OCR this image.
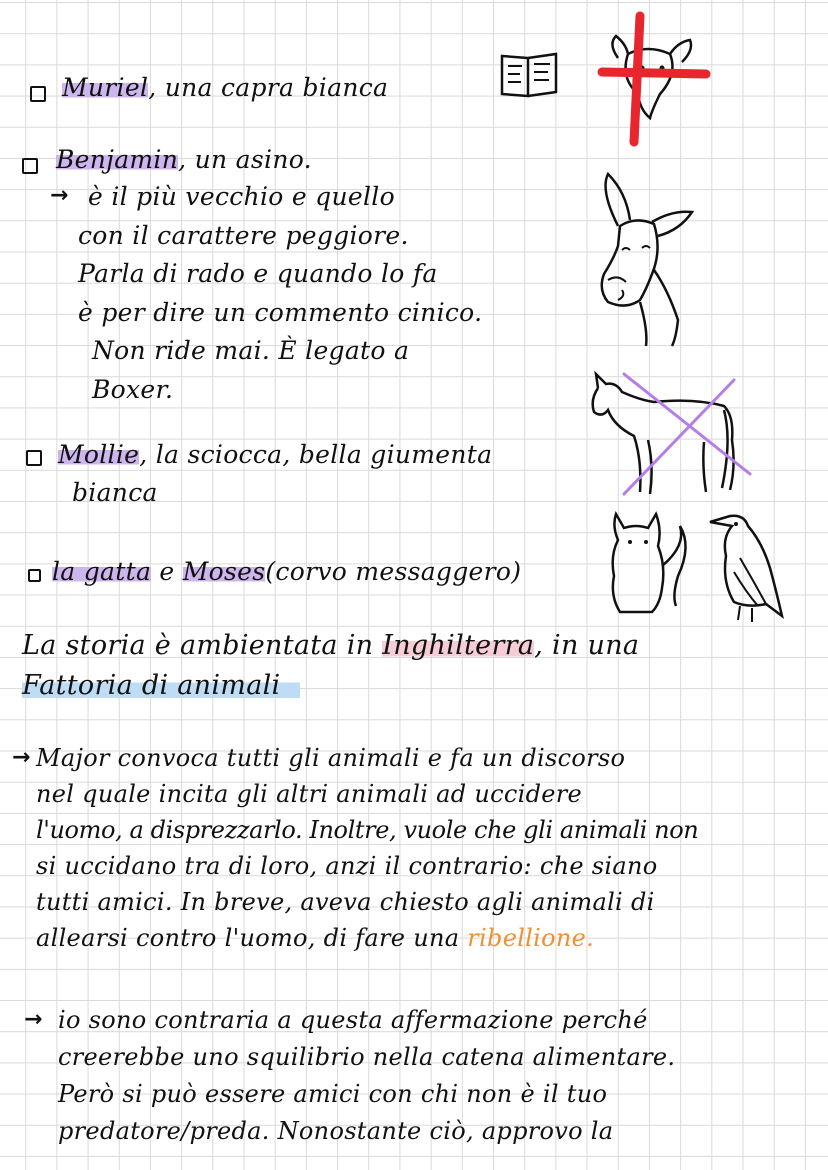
Muriel, una capra bianca
Benjamin, un asino.
→ è il più vecchio e quello
con il carattere peggiore.
Parla di rado e quando lo fa
è per dire un commento cinico.
Non ride mai. È legato a
Boxer.
Mollie, la sciocca, bella giumenta
bianca
la gatta e Moses(corvo messaggero)
La storia è ambientata in Inghilterra, in una
Fattoria di animali
→ Major convoca tutti gli animali e fa un discorso
nel quale incita gli altri animali ad uccidere
l'uomo, a disprezzarlo. Inoltre, vuole che gli animali non
si uccidano tra di loro, anzi il contrario: che siano
tutti amici. In breve, aveva chiesto agli animali di
allearsi contro l'uomo, di fare una ribellione.
→ io sono contraria a questa affermazione perché
creerebbe uno squilibrio nella catena alimentare.
Però si può essere amici con chi non è il tuo
predatore/preda. Nonostante ciò, approvo la
